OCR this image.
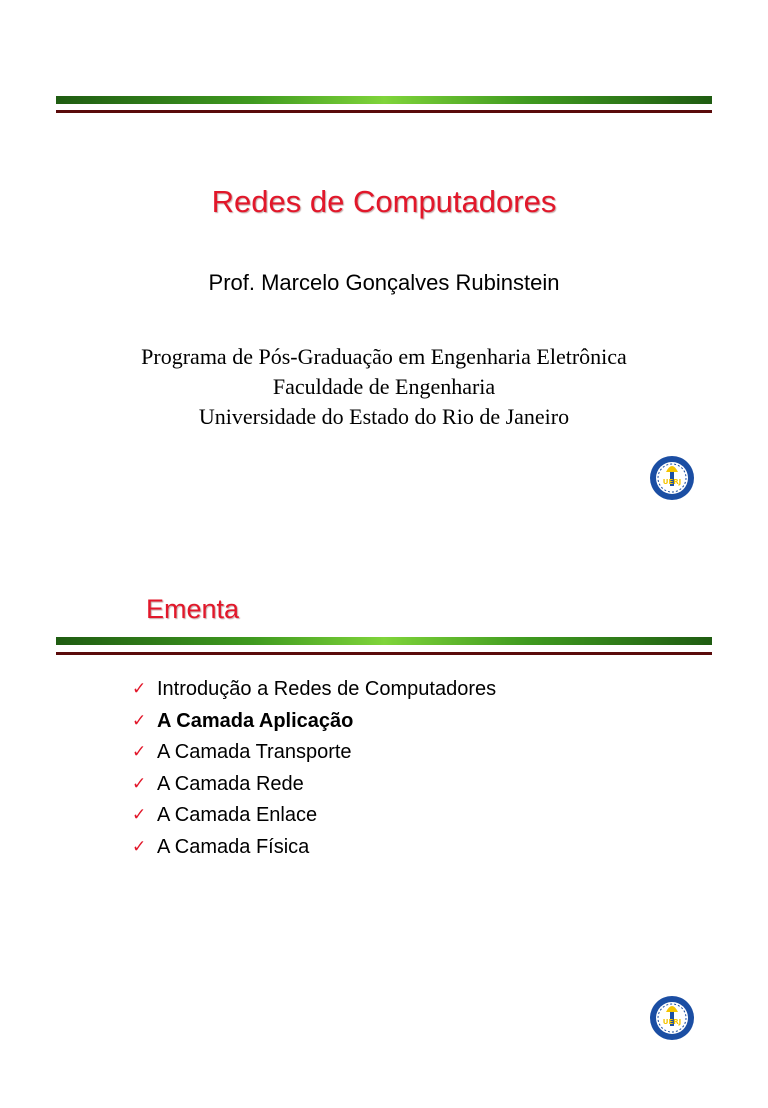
Redes de Computadores
Prof. Marcelo Gonçalves Rubinstein
Programa de Pós-Graduação em Engenharia Eletrônica
Faculdade de Engenharia
Universidade do Estado do Rio de Janeiro
UERJ
Ementa
✓ Introdução a Redes de Computadores
✓ A Camada Aplicação
✓ A Camada Transporte
✓ A Camada Rede
✓ A Camada Enlace
✓ A Camada Física
UERJ
